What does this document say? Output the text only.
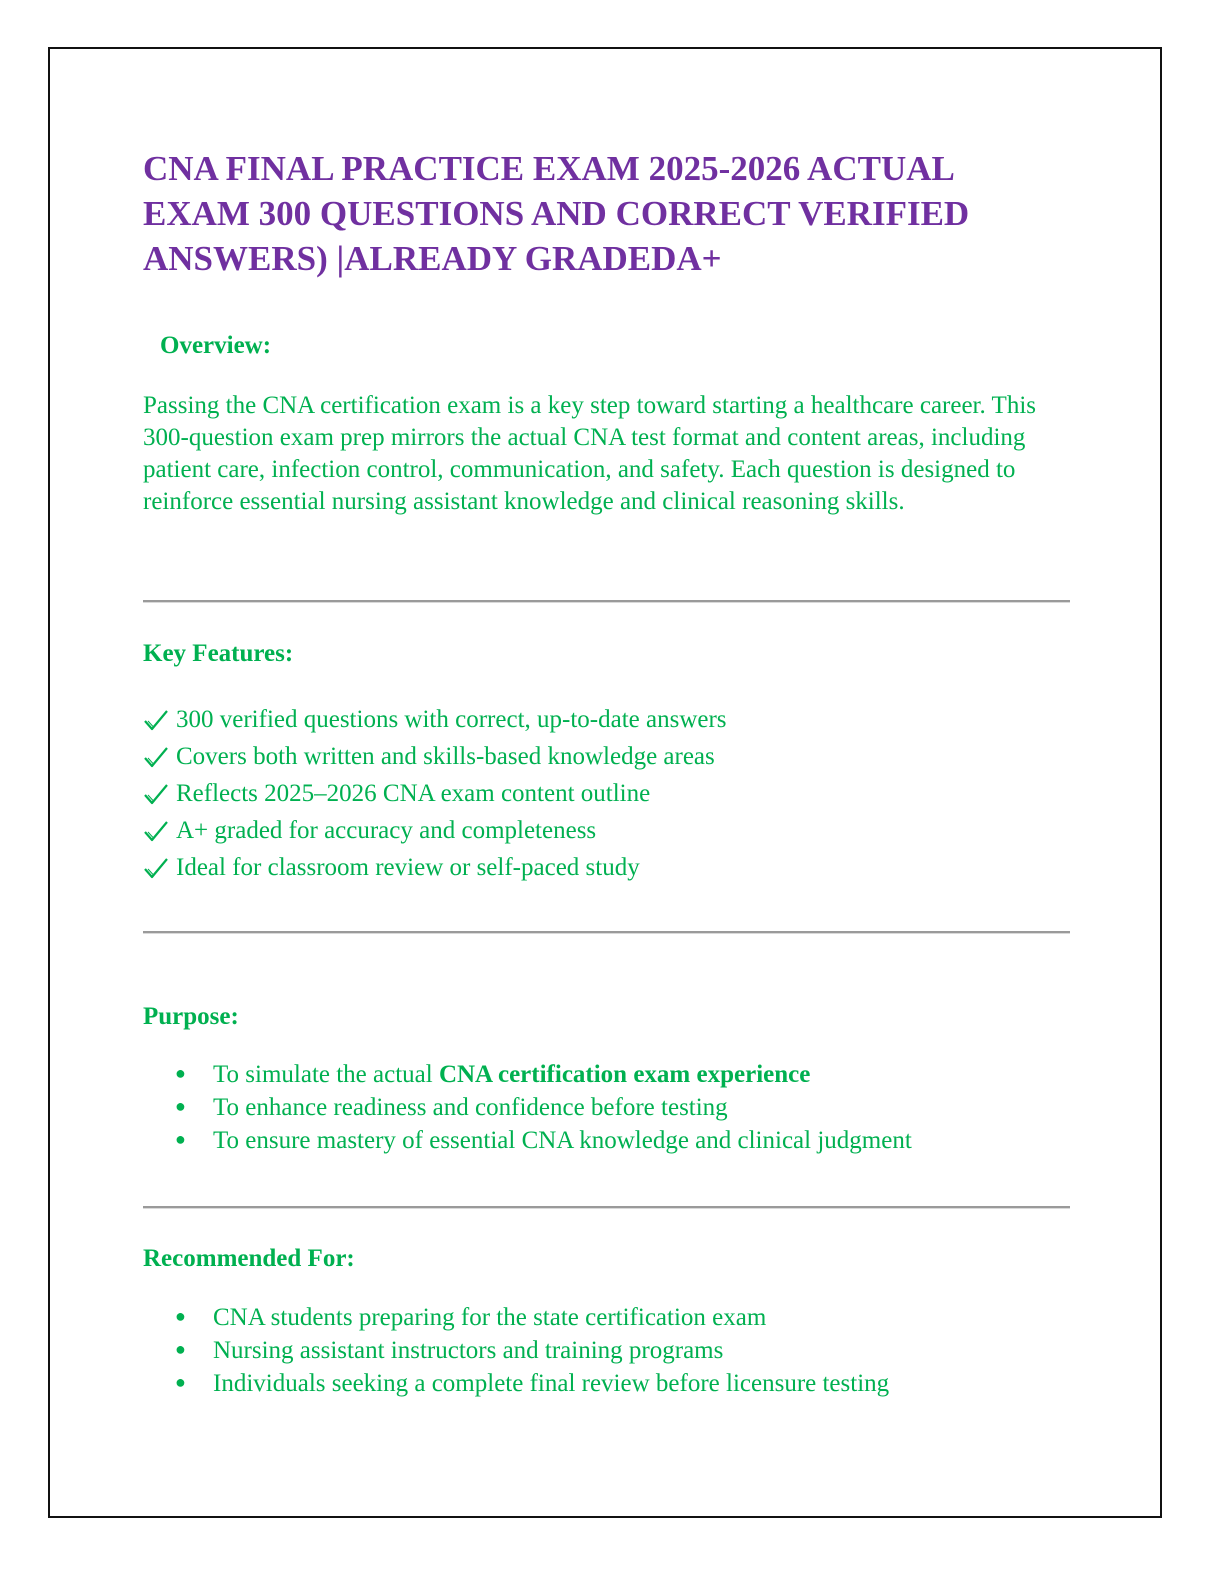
CNA FINAL PRACTICE EXAM 2025-2026 ACTUAL EXAM 300 QUESTIONS AND CORRECT VERIFIED ANSWERS) |ALREADY GRADEDA+
Overview:

Passing the CNA certification exam is a key step toward starting a healthcare career. This 300-question exam prep mirrors the actual CNA test format and content areas, including patient care, infection control, communication, and safety. Each question is designed to reinforce essential nursing assistant knowledge and clinical reasoning skills.

Key Features:
300 verified questions with correct, up-to-date answers
Covers both written and skills-based knowledge areas
Reflects 2025–2026 CNA exam content outline
A+ graded for accuracy and completeness
Ideal for classroom review or self-paced study
Purpose:
●	To simulate the actual CNA certification exam experience
●	To enhance readiness and confidence before testing
●	To ensure mastery of essential CNA knowledge and clinical judgment
Recommended For:
●	CNA students preparing for the state certification exam
●	Nursing assistant instructors and training programs
●	Individuals seeking a complete final review before licensure testing
